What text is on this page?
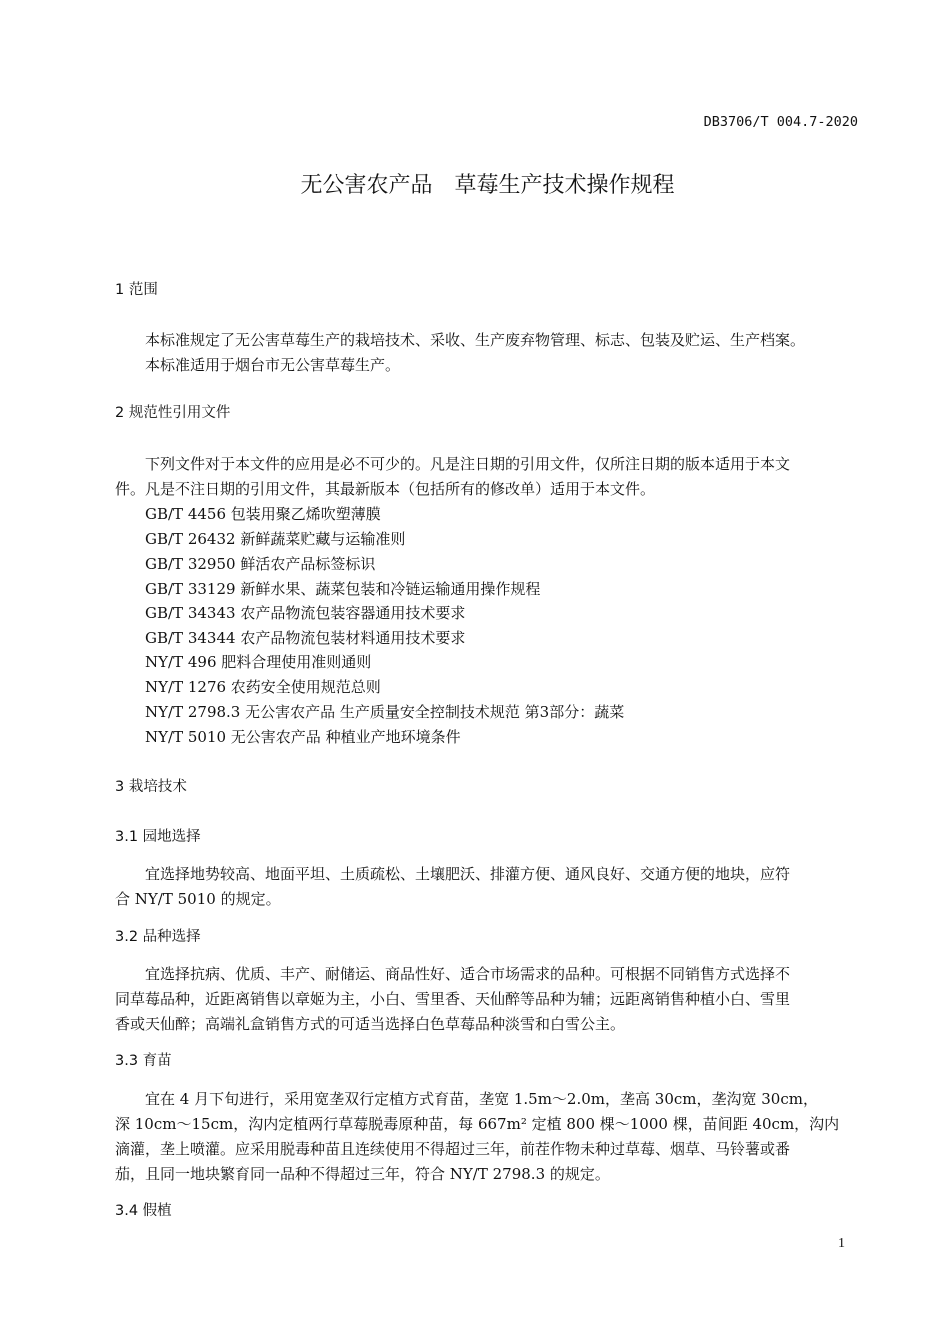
DB3706/T 004.7-2020
无公害农产品　草莓生产技术操作规程
1 范围
本标准规定了无公害草莓生产的栽培技术、采收、生产废弃物管理、标志、包装及贮运、生产档案。
本标准适用于烟台市无公害草莓生产。
2 规范性引用文件
下列文件对于本文件的应用是必不可少的。凡是注日期的引用文件，仅所注日期的版本适用于本文
件。凡是不注日期的引用文件，其最新版本（包括所有的修改单）适用于本文件。
GB/T 4456 包装用聚乙烯吹塑薄膜
GB/T 26432 新鲜蔬菜贮藏与运输准则
GB/T 32950 鲜活农产品标签标识
GB/T 33129 新鲜水果、蔬菜包装和冷链运输通用操作规程
GB/T 34343 农产品物流包装容器通用技术要求
GB/T 34344 农产品物流包装材料通用技术要求
NY/T 496 肥料合理使用准则通则
NY/T 1276 农药安全使用规范总则
NY/T 2798.3 无公害农产品 生产质量安全控制技术规范 第3部分：蔬菜
NY/T 5010 无公害农产品 种植业产地环境条件
3 栽培技术
3.1 园地选择
宜选择地势较高、地面平坦、土质疏松、土壤肥沃、排灌方便、通风良好、交通方便的地块，应符
合 NY/T 5010 的规定。
3.2 品种选择
宜选择抗病、优质、丰产、耐储运、商品性好、适合市场需求的品种。可根据不同销售方式选择不
同草莓品种，近距离销售以章姬为主，小白、雪里香、天仙醉等品种为辅；远距离销售种植小白、雪里
香或天仙醉；高端礼盒销售方式的可适当选择白色草莓品种淡雪和白雪公主。
3.3 育苗
宜在 4 月下旬进行，采用宽垄双行定植方式育苗，垄宽 1.5m～2.0m，垄高 30cm，垄沟宽 30cm，
深 10cm～15cm，沟内定植两行草莓脱毒原种苗，每 667m² 定植 800 棵～1000 棵，苗间距 40cm，沟内
滴灌，垄上喷灌。应采用脱毒种苗且连续使用不得超过三年，前茬作物未种过草莓、烟草、马铃薯或番
茄，且同一地块繁育同一品种不得超过三年，符合 NY/T 2798.3 的规定。
3.4 假植
1
